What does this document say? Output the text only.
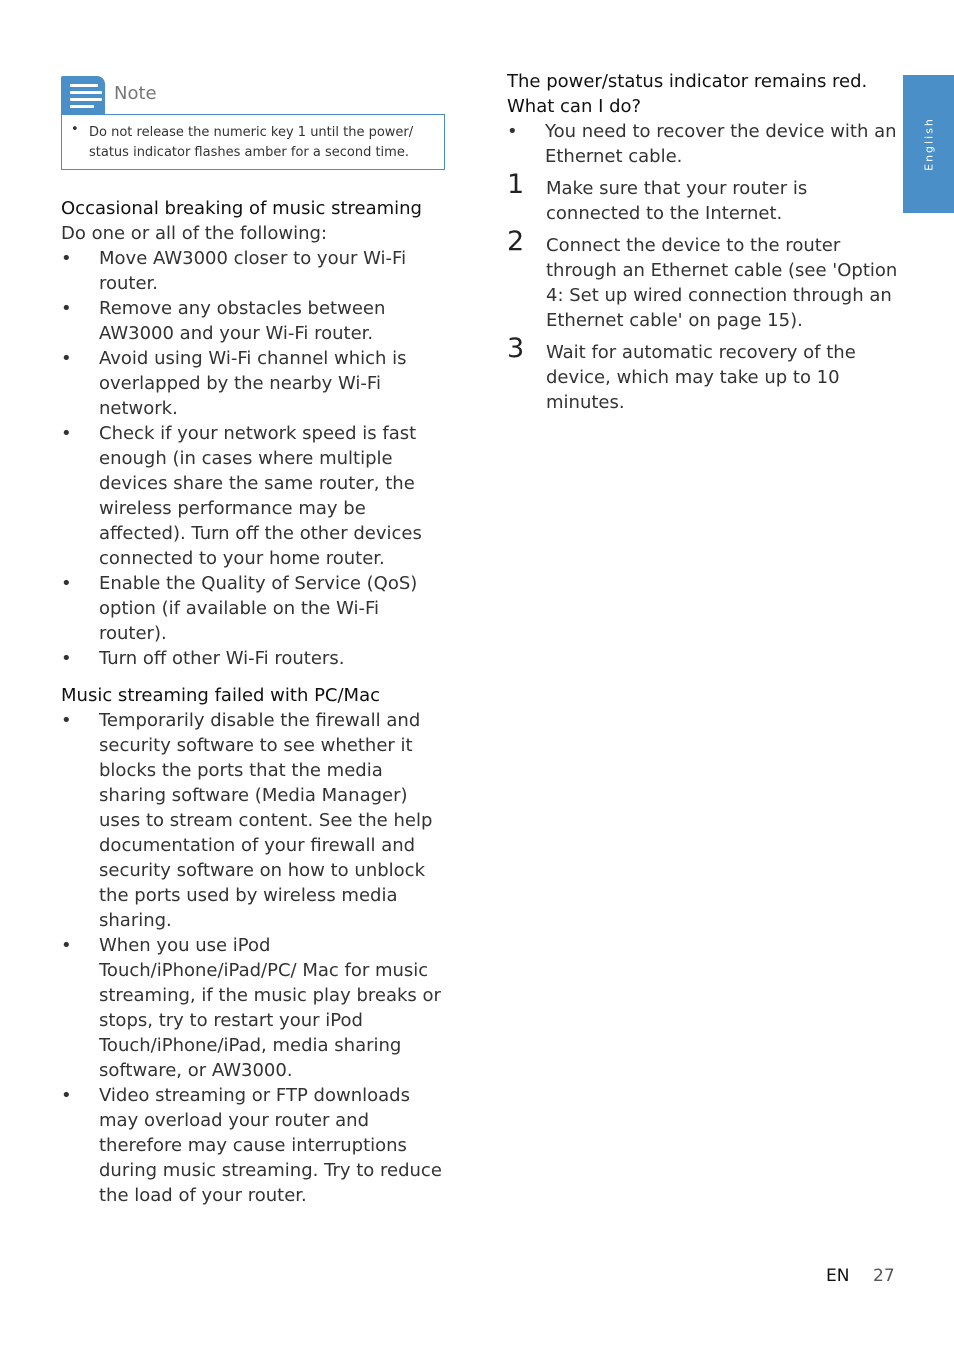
Note
• Do not release the numeric key 1 until the power/ status indicator flashes amber for a second time.

Occasional breaking of music streaming

Do one or all of the following:

• Move AW3000 closer to your Wi-Fi router.
• Remove any obstacles between AW3000 and your Wi-Fi router.
• Avoid using Wi-Fi channel which is overlapped by the nearby Wi-Fi network.
• Check if your network speed is fast enough (in cases where multiple devices share the same router, the wireless performance may be affected). Turn off the other devices connected to your home router.
• Enable the Quality of Service (QoS) option (if available on the Wi-Fi router).
• Turn off other Wi-Fi routers.

Music streaming failed with PC/Mac

• Temporarily disable the firewall and security software to see whether it blocks the ports that the media sharing software (Media Manager) uses to stream content. See the help documentation of your firewall and security software on how to unblock the ports used by wireless media sharing.
• When you use iPod Touch/iPhone/iPad/PC/ Mac for music streaming, if the music play breaks or stops, try to restart your iPod Touch/iPhone/iPad, media sharing software, or AW3000.
• Video streaming or FTP downloads may overload your router and therefore may cause interruptions during music streaming. Try to reduce the load of your router.

The power/status indicator remains red. What can I do?

• You need to recover the device with an Ethernet cable.
1 Make sure that your router is connected to the Internet.
2 Connect the device to the router through an Ethernet cable (see 'Option 4: Set up wired connection through an Ethernet cable' on page 15).
3 Wait for automatic recovery of the device, which may take up to 10 minutes.
English
EN 27
